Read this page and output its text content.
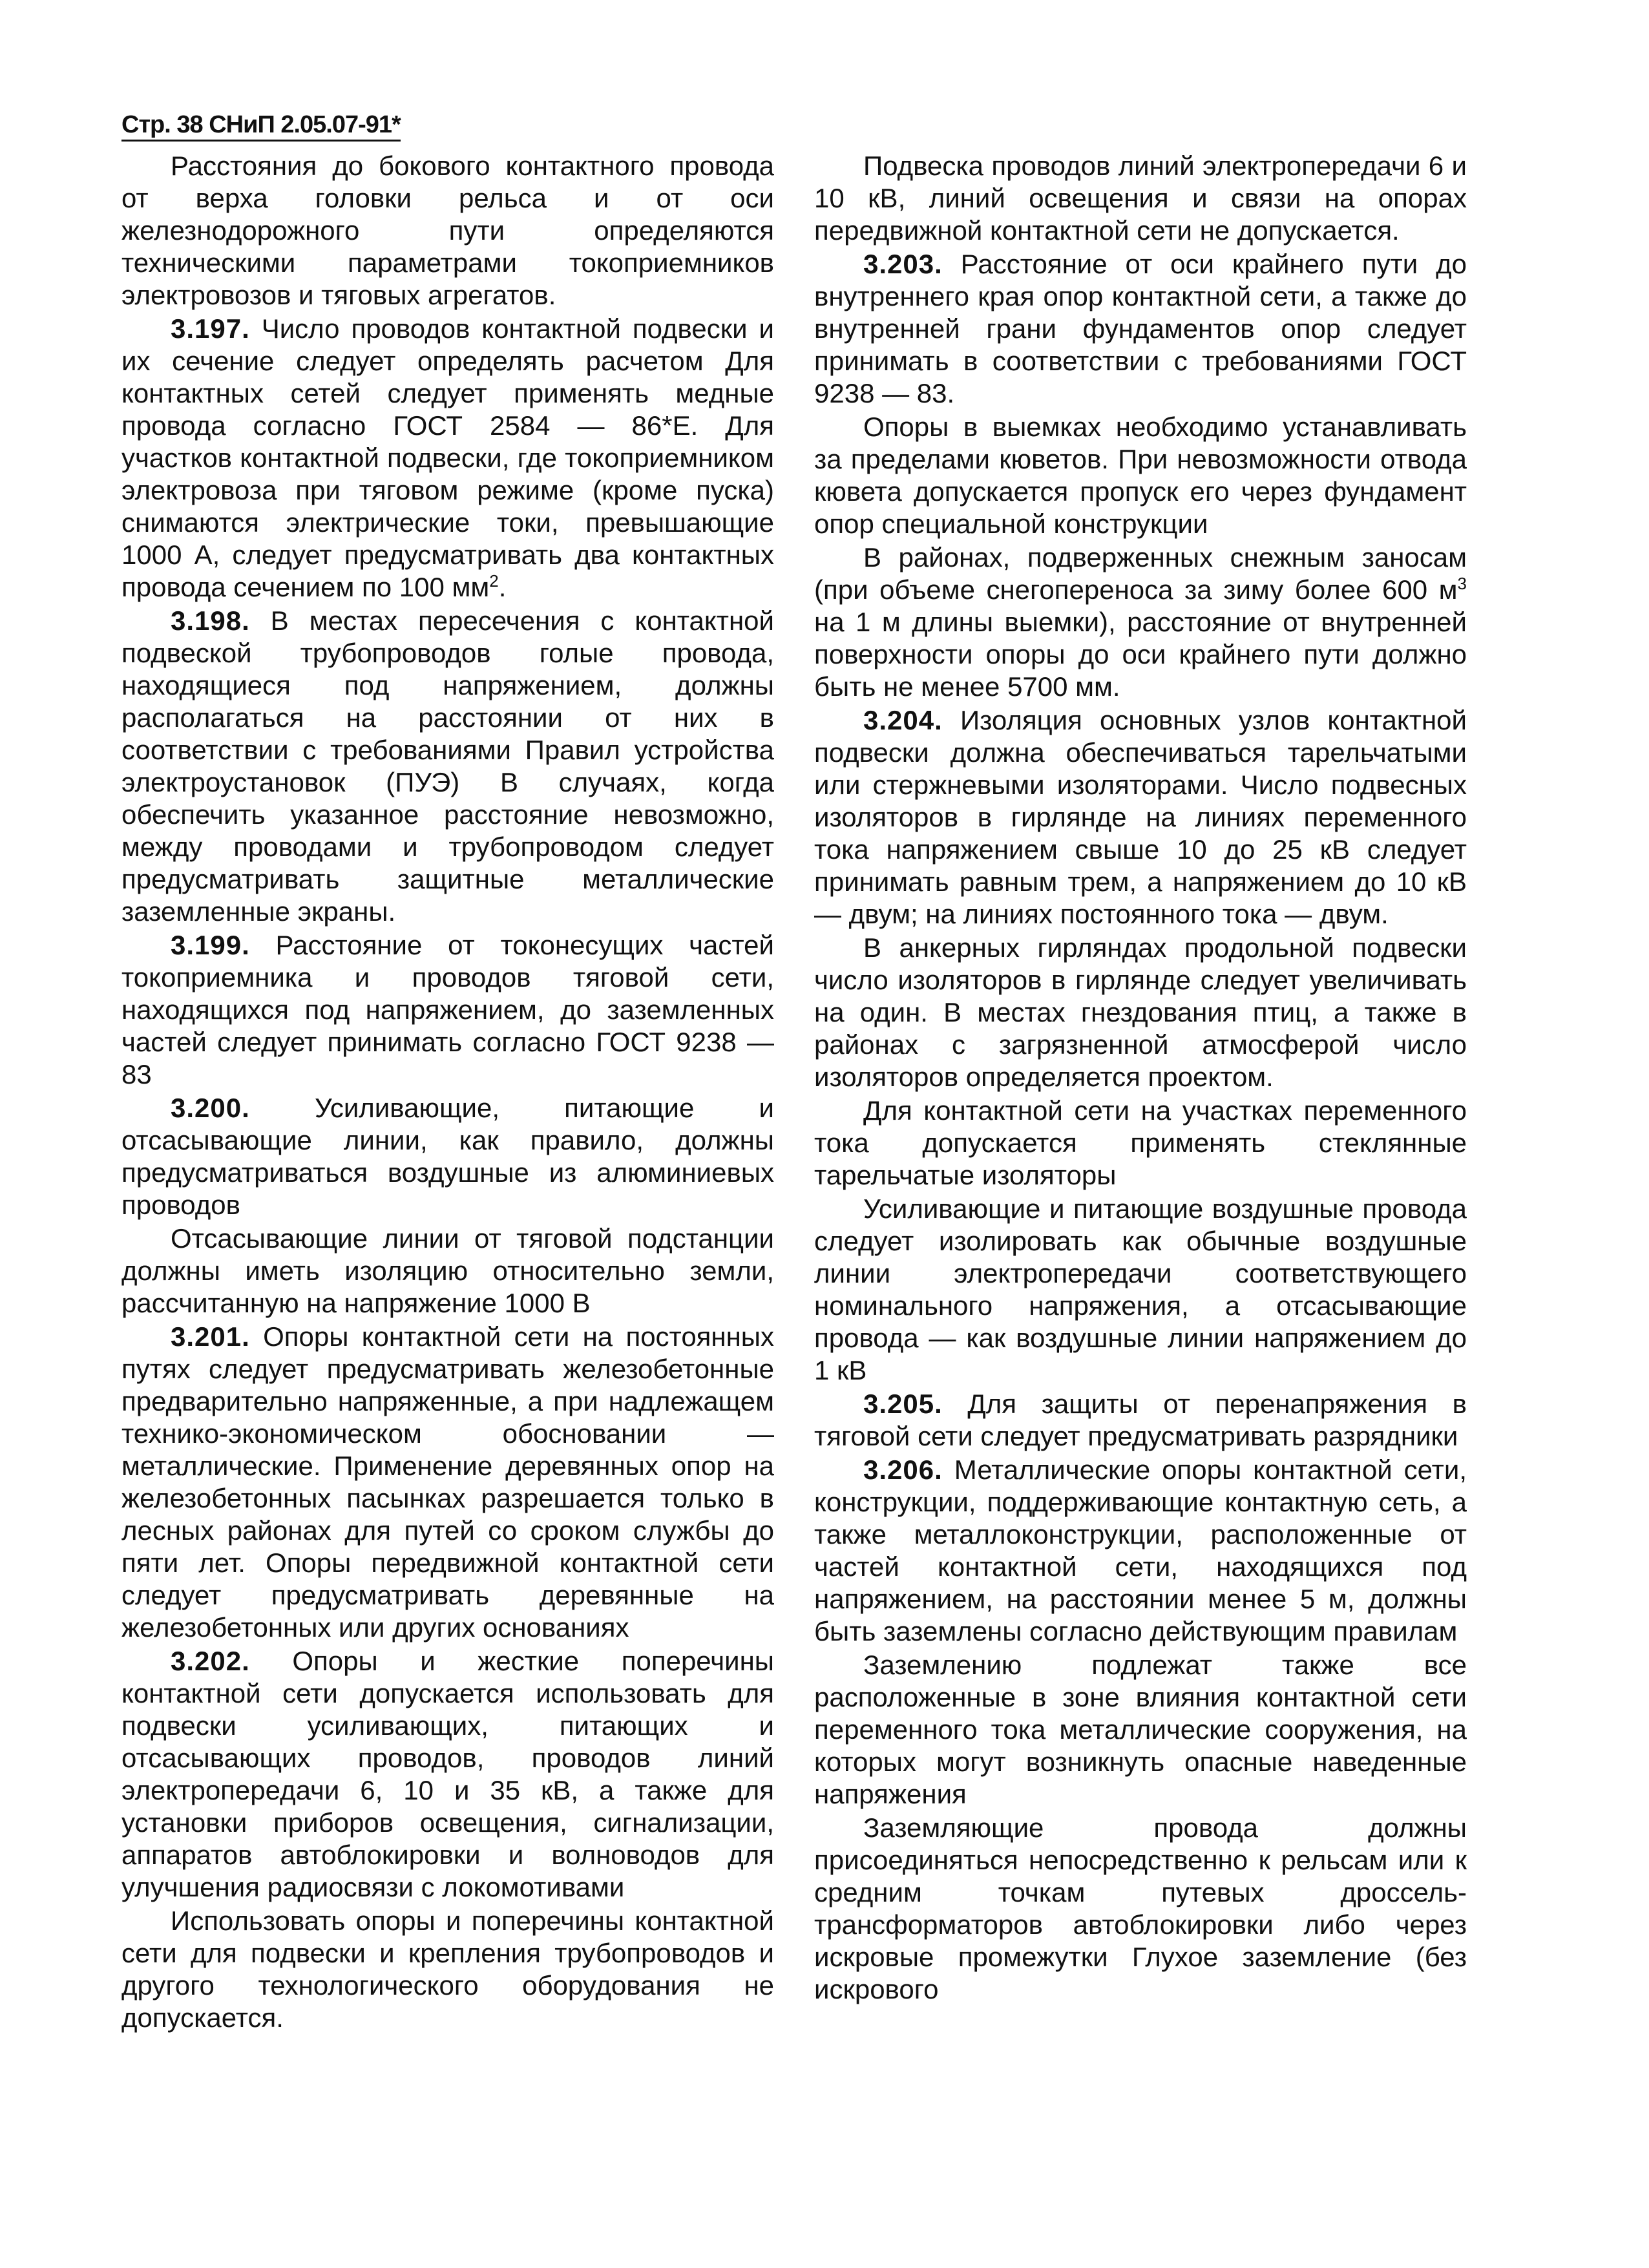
Стр. 38 СНиП 2.05.07-91*

Расстояния до бокового контактного провода от верха головки рельса и от оси железнодорожного пути определяются техническими параметрами токоприемников электровозов и тяговых агрегатов.

3.197. Число проводов контактной подвески и их сечение следует определять расчетом Для контактных сетей следует применять медные провода согласно ГОСТ 2584 — 86*Е. Для участков контактной подвески, где токоприемником электровоза при тяговом режиме (кроме пуска) снимаются электрические токи, превышающие 1000 А, следует предусматривать два контактных провода сечением по 100 $мм^2$.

3.198. В местах пересечения с контактной подвеской трубопроводов голые провода, находящиеся под напряжением, должны располагаться на расстоянии от них в соответствии с требованиями Правил устройства электроустановок (ПУЭ) В случаях, когда обеспечить указанное расстояние невозможно, между проводами и трубопроводом следует предусматривать защитные металлические заземленные экраны.

3.199. Расстояние от токонесущих частей токоприемника и проводов тяговой сети, находящихся под напряжением, до заземленных частей следует принимать согласно ГОСТ 9238 — 83

3.200. Усиливающие, питающие и отсасывающие линии, как правило, должны предусматриваться воздушные из алюминиевых проводов

Отсасывающие линии от тяговой подстанции должны иметь изоляцию относительно земли, рассчитанную на напряжение 1000 В

3.201. Опоры контактной сети на постоянных путях следует предусматривать железобетонные предварительно напряженные, а при надлежащем технико-экономическом обосновании — металлические. Применение деревянных опор на железобетонных пасынках разрешается только в лесных районах для путей со сроком службы до пяти лет. Опоры передвижной контактной сети следует предусматривать деревянные на железобетонных или других основаниях

3.202. Опоры и жесткие поперечины контактной сети допускается использовать для подвески усиливающих, питающих и отсасывающих проводов, проводов линий электропередачи 6, 10 и 35 кВ, а также для установки приборов освещения, сигнализации, аппаратов автоблокировки и волноводов для улучшения радиосвязи с локомотивами

Использовать опоры и поперечины контактной сети для подвески и крепления трубопроводов и другого технологического оборудования не допускается.

Подвеска проводов линий электропередачи 6 и 10 кВ, линий освещения и связи на опорах передвижной контактной сети не допускается.

3.203. Расстояние от оси крайнего пути до внутреннего края опор контактной сети, а также до внутренней грани фундаментов опор следует принимать в соответствии с требованиями ГОСТ 9238 — 83.

Опоры в выемках необходимо устанавливать за пределами кюветов. При невозможности отвода кювета допускается пропуск его через фундамент опор специальной конструкции

В районах, подверженных снежным заносам (при объеме снегопереноса за зиму более 600 $м^3$ на 1 м длины выемки), расстояние от внутренней поверхности опоры до оси крайнего пути должно быть не менее 5700 мм.

3.204. Изоляция основных узлов контактной подвески должна обеспечиваться тарельчатыми или стержневыми изоляторами. Число подвесных изоляторов в гирлянде на линиях переменного тока напряжением свыше 10 до 25 кВ следует принимать равным трем, а напряжением до 10 кВ — двум; на линиях постоянного тока — двум.

В анкерных гирляндах продольной подвески число изоляторов в гирлянде следует увеличивать на один. В местах гнездования птиц, а также в районах с загрязненной атмосферой число изоляторов определяется проектом.

Для контактной сети на участках переменного тока допускается применять стеклянные тарельчатые изоляторы

Усиливающие и питающие воздушные провода следует изолировать как обычные воздушные линии электропередачи соответствующего номинального напряжения, а отсасывающие провода — как воздушные линии напряжением до 1 кВ

3.205. Для защиты от перенапряжения в тяговой сети следует предусматривать разрядники

3.206. Металлические опоры контактной сети, конструкции, поддерживающие контактную сеть, а также металлоконструкции, расположенные от частей контактной сети, находящихся под напряжением, на расстоянии менее 5 м, должны быть заземлены согласно действующим правилам

Заземлению подлежат также все расположенные в зоне влияния контактной сети переменного тока металлические сооружения, на которых могут возникнуть опасные наведенные напряжения

Заземляющие провода должны присоединяться непосредственно к рельсам или к средним точкам путевых дроссель-трансформаторов автоблокировки либо через искровые промежутки Глухое заземление (без искрового
